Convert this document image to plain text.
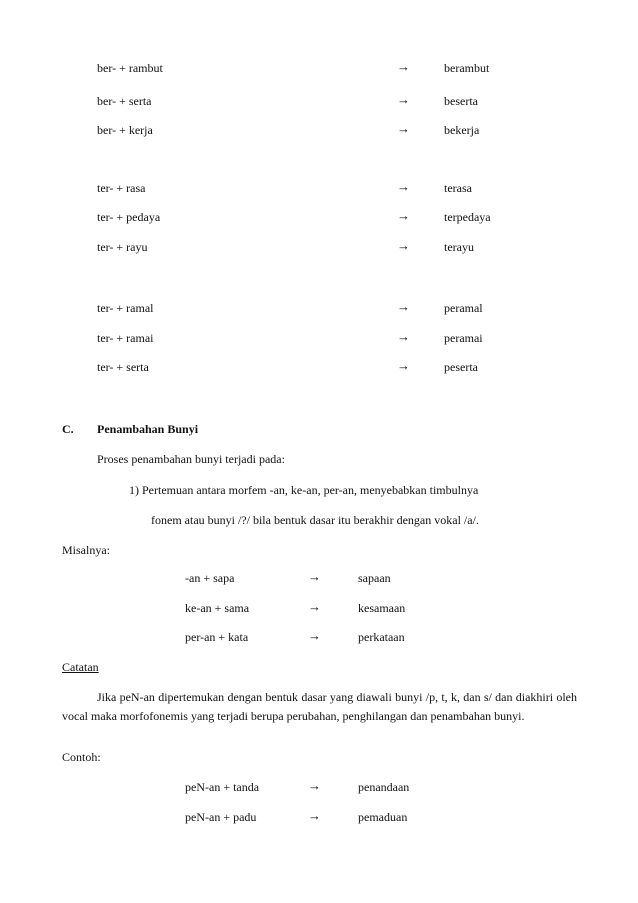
ber- + rambut	→	berambut
ber- + serta	→	beserta
ber- + kerja	→	bekerja
ter- + rasa	→	terasa
ter- + pedaya	→	terpedaya
ter- + rayu	→	terayu
ter- + ramal	→	peramal
ter- + ramai	→	peramai
ter- + serta	→	peserta
C. Penambahan Bunyi
Proses penambahan bunyi terjadi pada:
1) Pertemuan antara morfem -an, ke-an, per-an, menyebabkan timbulnya
fonem atau bunyi /?/ bila bentuk dasar itu berakhir dengan vokal /a/.
Misalnya:
-an + sapa	→	sapaan
ke-an + sama	→	kesamaan
per-an + kata	→	perkataan
Catatan
Jika peN-an dipertemukan dengan bentuk dasar yang diawali bunyi /p, t, k, dan s/ dan diakhiri oleh vocal maka morfofonemis yang terjadi berupa perubahan, penghilangan dan penambahan bunyi.
Contoh:
peN-an + tanda	→	penandaan
peN-an + padu	→	pemaduan
